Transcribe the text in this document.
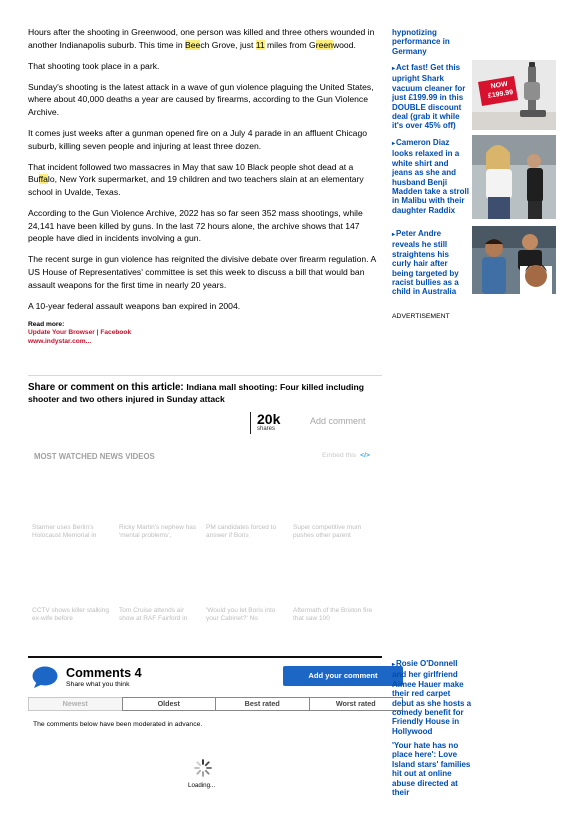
Hours after the shooting in Greenwood, one person was killed and three others wounded in another Indianapolis suburb. This time in Beech Grove, just 11 miles from Greenwood.

That shooting took place in a park.

Sunday's shooting is the latest attack in a wave of gun violence plaguing the United States, where about 40,000 deaths a year are caused by firearms, according to the Gun Violence Archive.

It comes just weeks after a gunman opened fire on a July 4 parade in an affluent Chicago suburb, killing seven people and injuring at least three dozen.

That incident followed two massacres in May that saw 10 Black people shot dead at a Buffalo, New York supermarket, and 19 children and two teachers slain at an elementary school in Uvalde, Texas.

According to the Gun Violence Archive, 2022 has so far seen 352 mass shootings, while 24,141 have been killed by guns. In the last 72 hours alone, the archive shows that 147 people have died in incidents involving a gun.

The recent surge in gun violence has reignited the divisive debate over firearm regulation. A US House of Representatives' committee is set this week to discuss a bill that would ban assault weapons for the first time in nearly 20 years.

A 10-year federal assault weapons ban expired in 2004.

Read more:
Update Your Browser | Facebook
www.indystar.com...
Share or comment on this article: Indiana mall shooting: Four killed including shooter and two others injured in Sunday attack
20k
shares
Add comment
MOST WATCHED NEWS VIDEOS	Embed this </>
Starmer uses Berlin's Holocaust Memorial in
Ricky Martin's nephew has 'mental problems',
PM candidates forced to answer if Boris
Super competitive mum pushes other parent
CCTV shows killer stalking ex-wife before
Tom Cruise attends air show at RAF Fairford in
'Would you let Boris into your Cabinet?' No
Aftermath of the Brixton fire that saw 100
Comments 4
Share what you think
Add your comment
Newest	Oldest	Best rated	Worst rated
The comments below have been moderated in advance.
Loading...
hypnotizing performance in Germany
▸Act fast! Get this upright Shark vacuum cleaner for just £199.99 in this DOUBLE discount deal (grab it while it's over 45% off)
NOW
£199.99
▸Cameron Diaz looks relaxed in a white shirt and jeans as she and husband Benji Madden take a stroll in Malibu with their daughter Raddix
▸Peter Andre reveals he still straightens his curly hair after being targeted by racist bullies as a child in Australia
ADVERTISEMENT
▸Rosie O'Donnell and her girlfriend Aimee Hauer make their red carpet debut as she hosts a comedy benefit for Friendly House in Hollywood
'Your hate has no place here': Love Island stars' families hit out at online abuse directed at their
